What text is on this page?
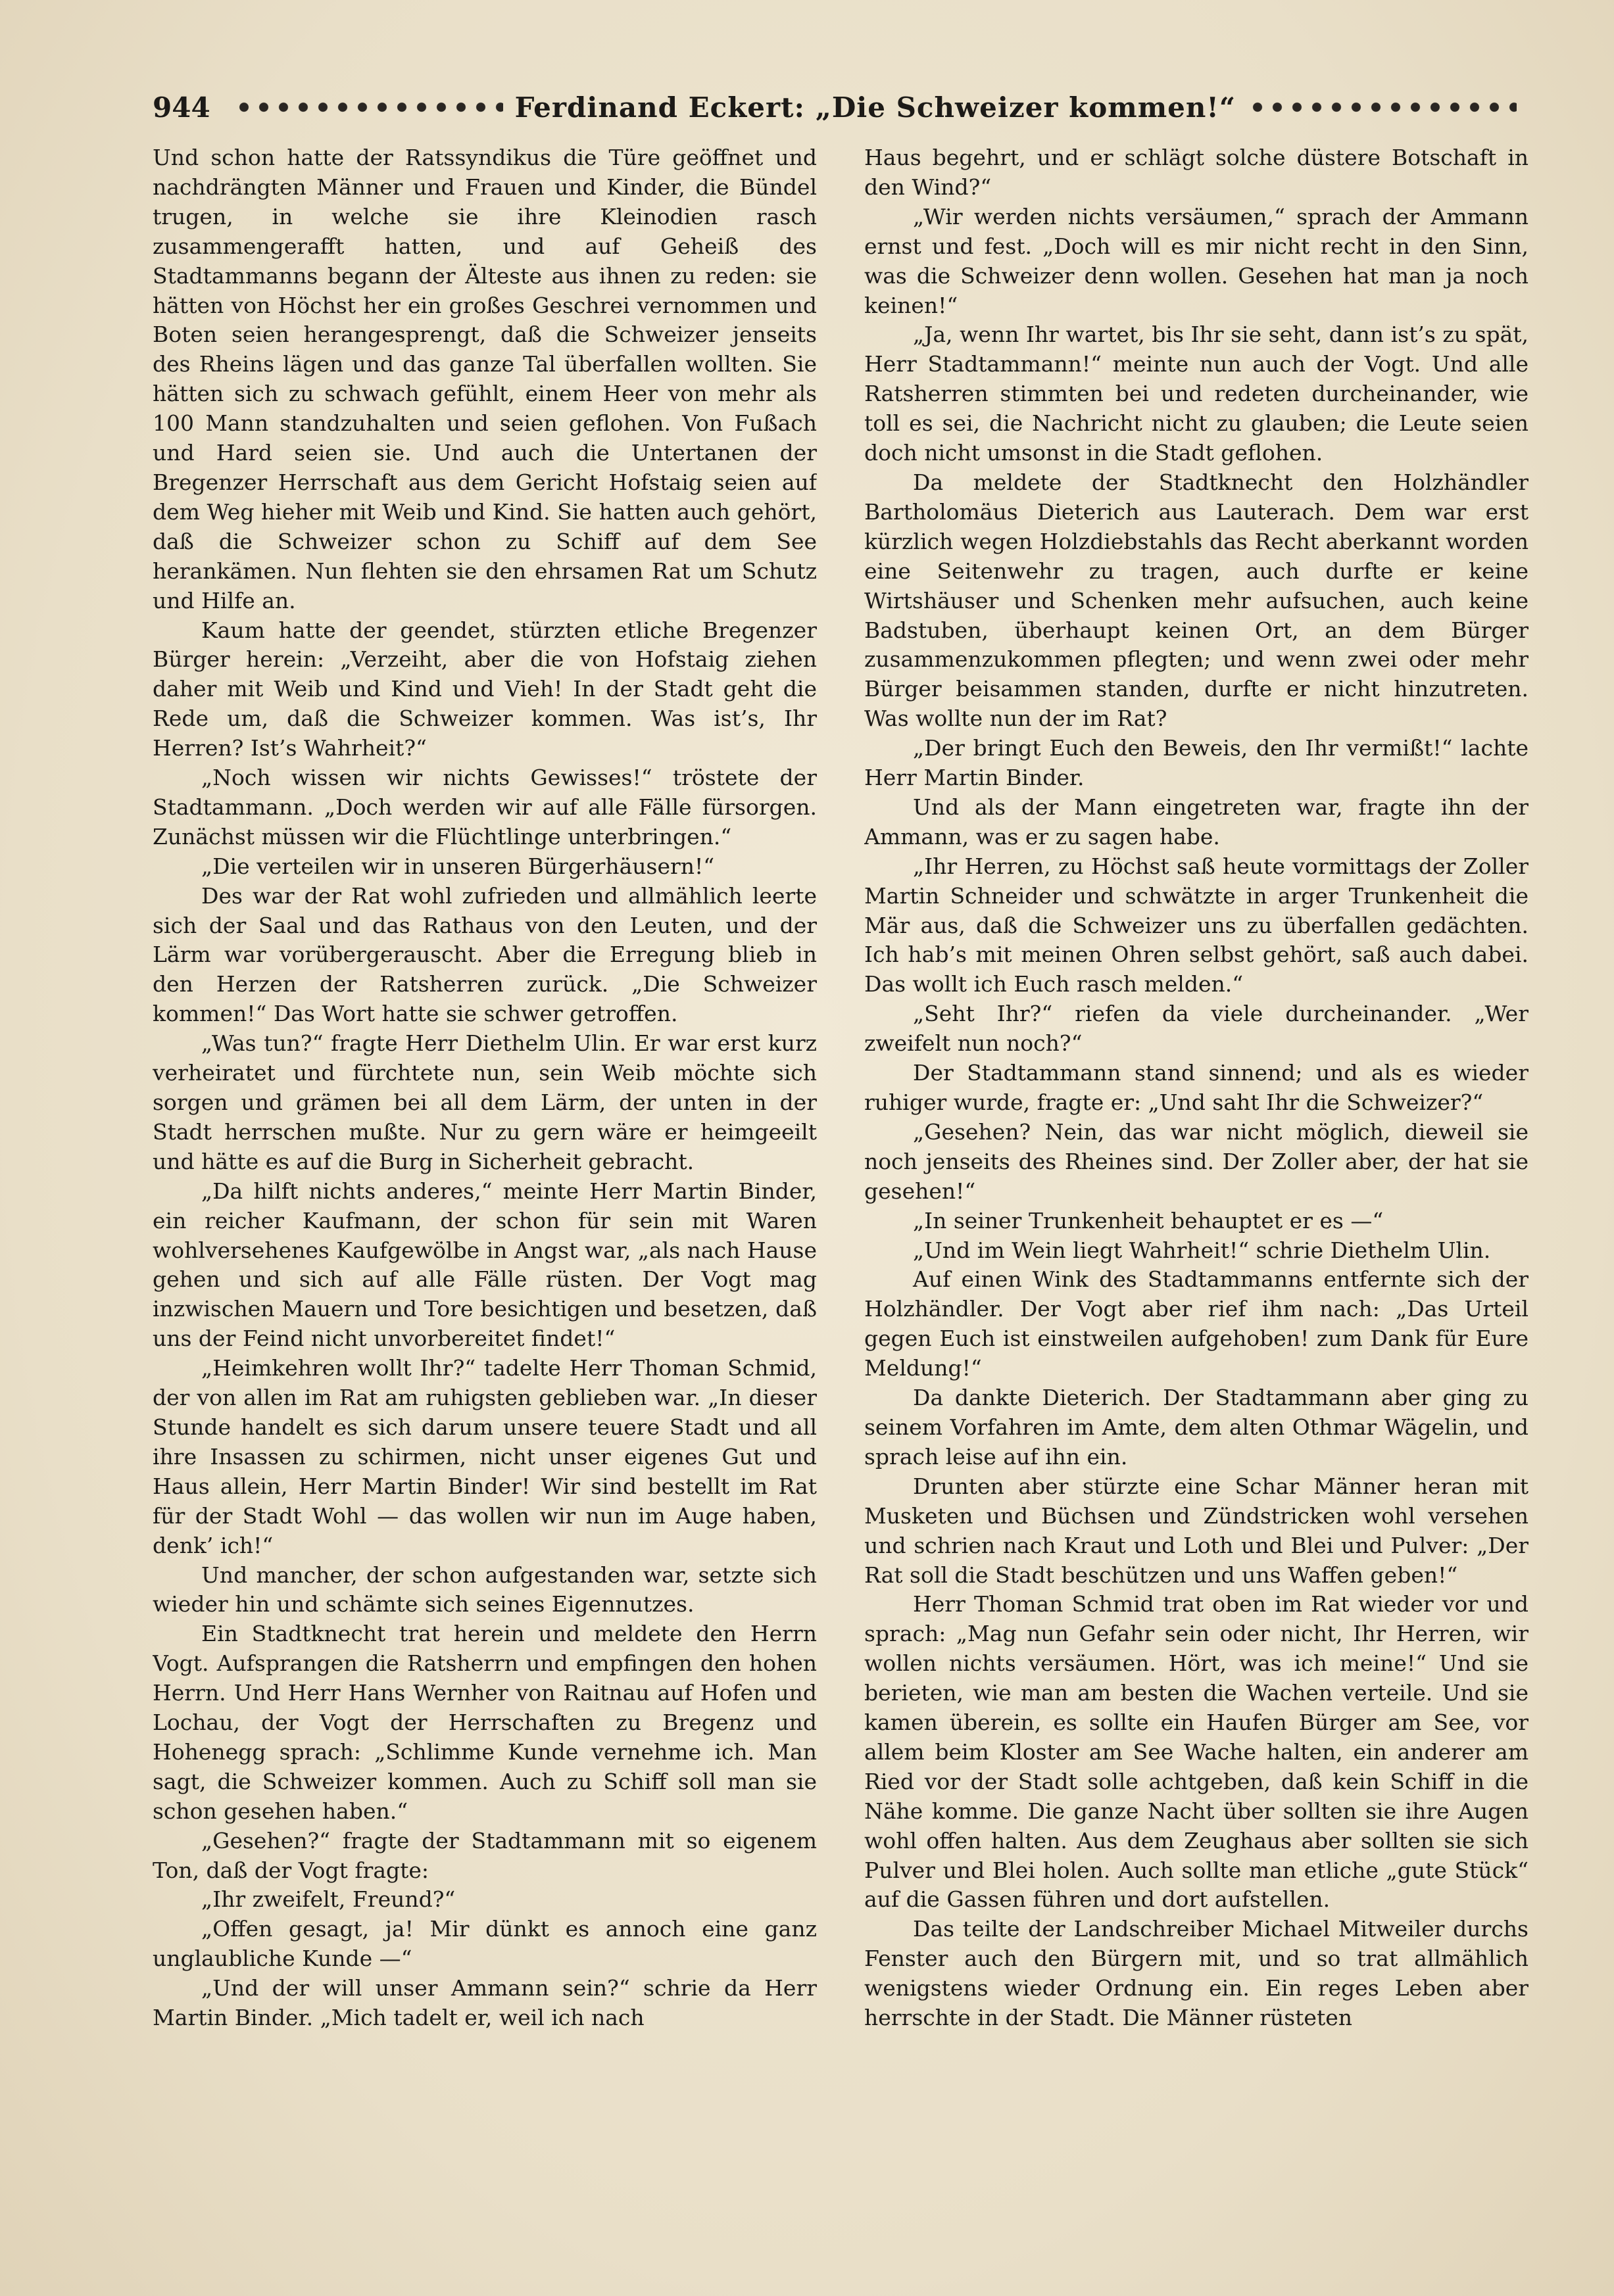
944	Ferdinand Eckert: „Die Schweizer kommen!“

Und schon hatte der Ratssyndikus die Türe geöffnet und nachdrängten Männer und Frauen und Kinder, die Bündel trugen, in welche sie ihre Kleinodien rasch zusammengerafft hatten, und auf Geheiß des Stadtammanns begann der Älteste aus ihnen zu reden: sie hätten von Höchst her ein großes Geschrei vernommen und Boten seien herangesprengt, daß die Schweizer jenseits des Rheins lägen und das ganze Tal überfallen wollten. Sie hätten sich zu schwach gefühlt, einem Heer von mehr als 100 Mann standzuhalten und seien geflohen. Von Fußach und Hard seien sie. Und auch die Untertanen der Bregenzer Herrschaft aus dem Gericht Hofstaig seien auf dem Weg hieher mit Weib und Kind. Sie hatten auch gehört, daß die Schweizer schon zu Schiff auf dem See herankämen. Nun flehten sie den ehrsamen Rat um Schutz und Hilfe an.

Kaum hatte der geendet, stürzten etliche Bregenzer Bürger herein: „Verzeiht, aber die von Hofstaig ziehen daher mit Weib und Kind und Vieh! In der Stadt geht die Rede um, daß die Schweizer kommen. Was ist’s, Ihr Herren? Ist’s Wahrheit?“

„Noch wissen wir nichts Gewisses!“ tröstete der Stadtammann. „Doch werden wir auf alle Fälle fürsorgen. Zunächst müssen wir die Flüchtlinge unterbringen.“

„Die verteilen wir in unseren Bürgerhäusern!“

Des war der Rat wohl zufrieden und allmählich leerte sich der Saal und das Rathaus von den Leuten, und der Lärm war vorübergerauscht. Aber die Erregung blieb in den Herzen der Ratsherren zurück. „Die Schweizer kommen!“ Das Wort hatte sie schwer getroffen.

„Was tun?“ fragte Herr Diethelm Ulin. Er war erst kurz verheiratet und fürchtete nun, sein Weib möchte sich sorgen und grämen bei all dem Lärm, der unten in der Stadt herrschen mußte. Nur zu gern wäre er heimgeeilt und hätte es auf die Burg in Sicherheit gebracht.

„Da hilft nichts anderes,“ meinte Herr Martin Binder, ein reicher Kaufmann, der schon für sein mit Waren wohlversehenes Kaufgewölbe in Angst war, „als nach Hause gehen und sich auf alle Fälle rüsten. Der Vogt mag inzwischen Mauern und Tore besichtigen und besetzen, daß uns der Feind nicht unvorbereitet findet!“

„Heimkehren wollt Ihr?“ tadelte Herr Thoman Schmid, der von allen im Rat am ruhigsten geblieben war. „In dieser Stunde handelt es sich darum unsere teuere Stadt und all ihre Insassen zu schirmen, nicht unser eigenes Gut und Haus allein, Herr Martin Binder! Wir sind bestellt im Rat für der Stadt Wohl — das wollen wir nun im Auge haben, denk’ ich!“

Und mancher, der schon aufgestanden war, setzte sich wieder hin und schämte sich seines Eigennutzes.

Ein Stadtknecht trat herein und meldete den Herrn Vogt. Aufsprangen die Ratsherrn und empfingen den hohen Herrn. Und Herr Hans Wernher von Raitnau auf Hofen und Lochau, der Vogt der Herrschaften zu Bregenz und Hohenegg sprach: „Schlimme Kunde vernehme ich. Man sagt, die Schweizer kommen. Auch zu Schiff soll man sie schon gesehen haben.“

„Gesehen?“ fragte der Stadtammann mit so eigenem Ton, daß der Vogt fragte:

„Ihr zweifelt, Freund?“

„Offen gesagt, ja! Mir dünkt es annoch eine ganz unglaubliche Kunde —“

„Und der will unser Ammann sein?“ schrie da Herr Martin Binder. „Mich tadelt er, weil ich nach

Haus begehrt, und er schlägt solche düstere Botschaft in den Wind?“

„Wir werden nichts versäumen,“ sprach der Ammann ernst und fest. „Doch will es mir nicht recht in den Sinn, was die Schweizer denn wollen. Gesehen hat man ja noch keinen!“

„Ja, wenn Ihr wartet, bis Ihr sie seht, dann ist’s zu spät, Herr Stadtammann!“ meinte nun auch der Vogt. Und alle Ratsherren stimmten bei und redeten durcheinander, wie toll es sei, die Nachricht nicht zu glauben; die Leute seien doch nicht umsonst in die Stadt geflohen.

Da meldete der Stadtknecht den Holzhändler Bartholomäus Dieterich aus Lauterach. Dem war erst kürzlich wegen Holzdiebstahls das Recht aberkannt worden eine Seitenwehr zu tragen, auch durfte er keine Wirtshäuser und Schenken mehr aufsuchen, auch keine Badstuben, überhaupt keinen Ort, an dem Bürger zusammenzukommen pflegten; und wenn zwei oder mehr Bürger beisammen standen, durfte er nicht hinzutreten. Was wollte nun der im Rat?

„Der bringt Euch den Beweis, den Ihr vermißt!“ lachte Herr Martin Binder.

Und als der Mann eingetreten war, fragte ihn der Ammann, was er zu sagen habe.

„Ihr Herren, zu Höchst saß heute vormittags der Zoller Martin Schneider und schwätzte in arger Trunkenheit die Mär aus, daß die Schweizer uns zu überfallen gedächten. Ich hab’s mit meinen Ohren selbst gehört, saß auch dabei. Das wollt ich Euch rasch melden.“

„Seht Ihr?“ riefen da viele durcheinander. „Wer zweifelt nun noch?“

Der Stadtammann stand sinnend; und als es wieder ruhiger wurde, fragte er: „Und saht Ihr die Schweizer?“

„Gesehen? Nein, das war nicht möglich, dieweil sie noch jenseits des Rheines sind. Der Zoller aber, der hat sie gesehen!“

„In seiner Trunkenheit behauptet er es —“

„Und im Wein liegt Wahrheit!“ schrie Diethelm Ulin.

Auf einen Wink des Stadtammanns entfernte sich der Holzhändler. Der Vogt aber rief ihm nach: „Das Urteil gegen Euch ist einstweilen aufgehoben! zum Dank für Eure Meldung!“

Da dankte Dieterich. Der Stadtammann aber ging zu seinem Vorfahren im Amte, dem alten Othmar Wägelin, und sprach leise auf ihn ein.

Drunten aber stürzte eine Schar Männer heran mit Musketen und Büchsen und Zündstricken wohl versehen und schrien nach Kraut und Loth und Blei und Pulver: „Der Rat soll die Stadt beschützen und uns Waffen geben!“

Herr Thoman Schmid trat oben im Rat wieder vor und sprach: „Mag nun Gefahr sein oder nicht, Ihr Herren, wir wollen nichts versäumen. Hört, was ich meine!“ Und sie berieten, wie man am besten die Wachen verteile. Und sie kamen überein, es sollte ein Haufen Bürger am See, vor allem beim Kloster am See Wache halten, ein anderer am Ried vor der Stadt solle achtgeben, daß kein Schiff in die Nähe komme. Die ganze Nacht über sollten sie ihre Augen wohl offen halten. Aus dem Zeughaus aber sollten sie sich Pulver und Blei holen. Auch sollte man etliche „gute Stück“ auf die Gassen führen und dort aufstellen.

Das teilte der Landschreiber Michael Mitweiler durchs Fenster auch den Bürgern mit, und so trat allmählich wenigstens wieder Ordnung ein. Ein reges Leben aber herrschte in der Stadt. Die Männer rüsteten
